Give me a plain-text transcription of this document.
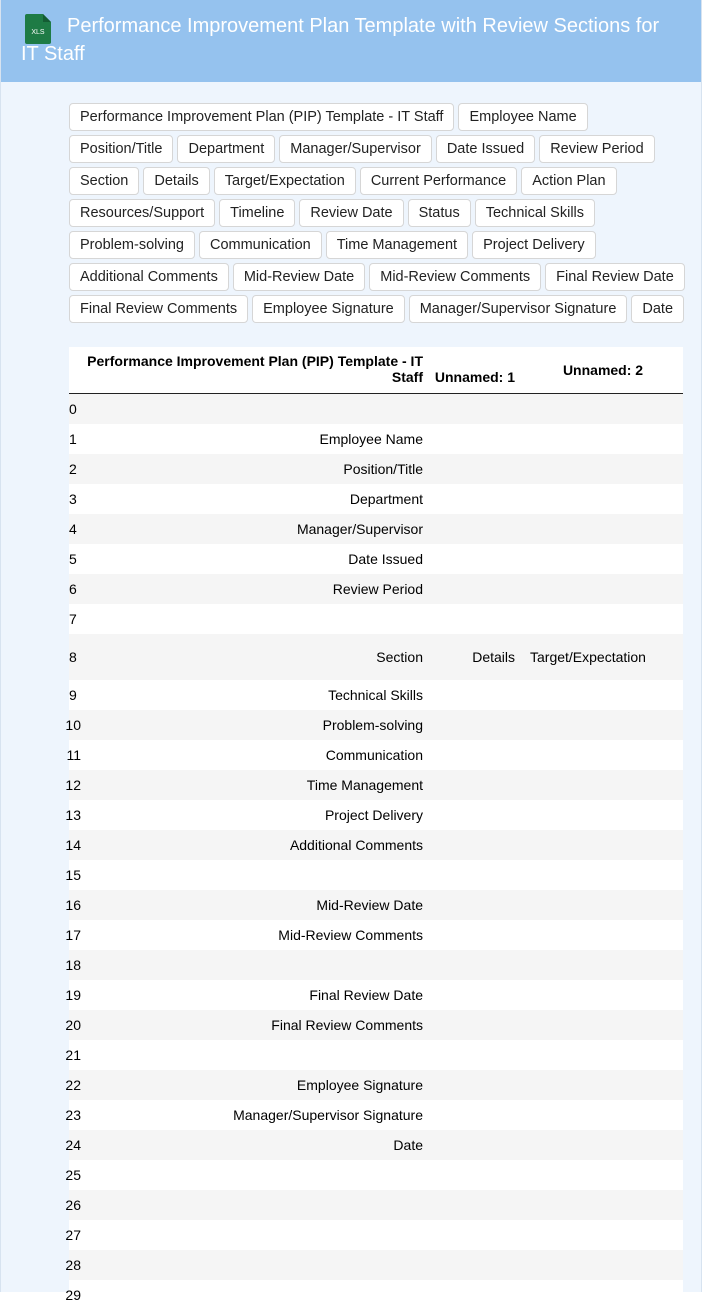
XLS	Performance Improvement Plan Template with Review Sections for IT Staff
Performance Improvement Plan (PIP) Template - IT Staff	Employee Name
Position/Title	Department	Manager/Supervisor	Date Issued	Review Period
Section	Details	Target/Expectation	Current Performance	Action Plan
Resources/Support	Timeline	Review Date	Status	Technical Skills
Problem-solving	Communication	Time Management	Project Delivery
Additional Comments	Mid-Review Date	Mid-Review Comments	Final Review Date
Final Review Comments	Employee Signature	Manager/Supervisor Signature	Date
	Performance Improvement Plan (PIP) Template - IT Staff	Unnamed: 1	Unnamed: 2
0			
1	Employee Name		
2	Position/Title		
3	Department		
4	Manager/Supervisor		
5	Date Issued		
6	Review Period		
7			
8	Section	Details	Target/Expectation
9	Technical Skills		
10	Problem-solving		
11	Communication		
12	Time Management		
13	Project Delivery		
14	Additional Comments		
15			
16	Mid-Review Date		
17	Mid-Review Comments		
18			
19	Final Review Date		
20	Final Review Comments		
21			
22	Employee Signature		
23	Manager/Supervisor Signature		
24	Date		
25			
26			
27			
28			
29			
